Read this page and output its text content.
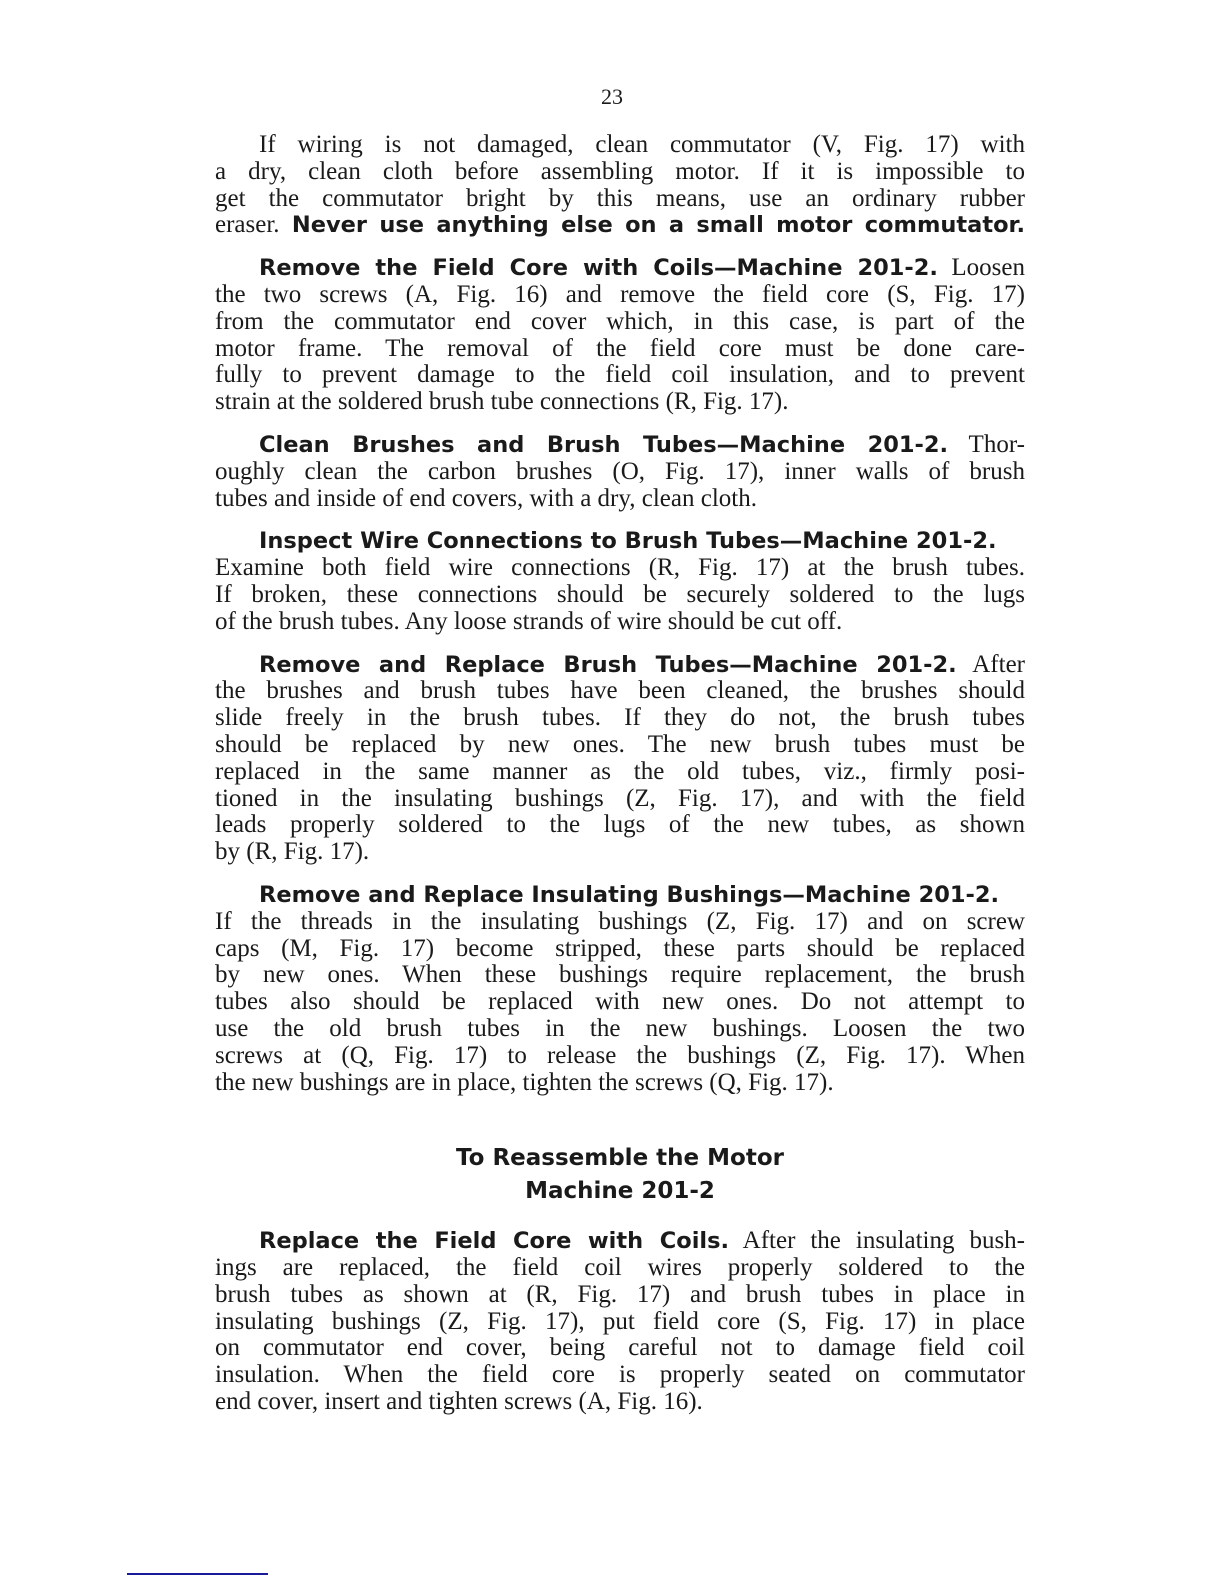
23
If wiring is not damaged, clean commutator (V, Fig. 17) with
a dry, clean cloth before assembling motor. If it is impossible to
get the commutator bright by this means, use an ordinary rubber
eraser. Never use anything else on a small motor commutator.
Remove the Field Core with Coils—Machine 201-2. Loosen
the two screws (A, Fig. 16) and remove the field core (S, Fig. 17)
from the commutator end cover which, in this case, is part of the
motor frame. The removal of the field core must be done care-
fully to prevent damage to the field coil insulation, and to prevent
strain at the soldered brush tube connections (R, Fig. 17).
Clean Brushes and Brush Tubes—Machine 201-2. Thor-
oughly clean the carbon brushes (O, Fig. 17), inner walls of brush
tubes and inside of end covers, with a dry, clean cloth.
Inspect Wire Connections to Brush Tubes—Machine 201-2.
Examine both field wire connections (R, Fig. 17) at the brush tubes.
If broken, these connections should be securely soldered to the lugs
of the brush tubes. Any loose strands of wire should be cut off.
Remove and Replace Brush Tubes—Machine 201-2. After
the brushes and brush tubes have been cleaned, the brushes should
slide freely in the brush tubes. If they do not, the brush tubes
should be replaced by new ones. The new brush tubes must be
replaced in the same manner as the old tubes, viz., firmly posi-
tioned in the insulating bushings (Z, Fig. 17), and with the field
leads properly soldered to the lugs of the new tubes, as shown
by (R, Fig. 17).
Remove and Replace Insulating Bushings—Machine 201-2.
If the threads in the insulating bushings (Z, Fig. 17) and on screw
caps (M, Fig. 17) become stripped, these parts should be replaced
by new ones. When these bushings require replacement, the brush
tubes also should be replaced with new ones. Do not attempt to
use the old brush tubes in the new bushings. Loosen the two
screws at (Q, Fig. 17) to release the bushings (Z, Fig. 17). When
the new bushings are in place, tighten the screws (Q, Fig. 17).
To Reassemble the Motor
Machine 201-2
Replace the Field Core with Coils. After the insulating bush-
ings are replaced, the field coil wires properly soldered to the
brush tubes as shown at (R, Fig. 17) and brush tubes in place in
insulating bushings (Z, Fig. 17), put field core (S, Fig. 17) in place
on commutator end cover, being careful not to damage field coil
insulation. When the field core is properly seated on commutator
end cover, insert and tighten screws (A, Fig. 16).
